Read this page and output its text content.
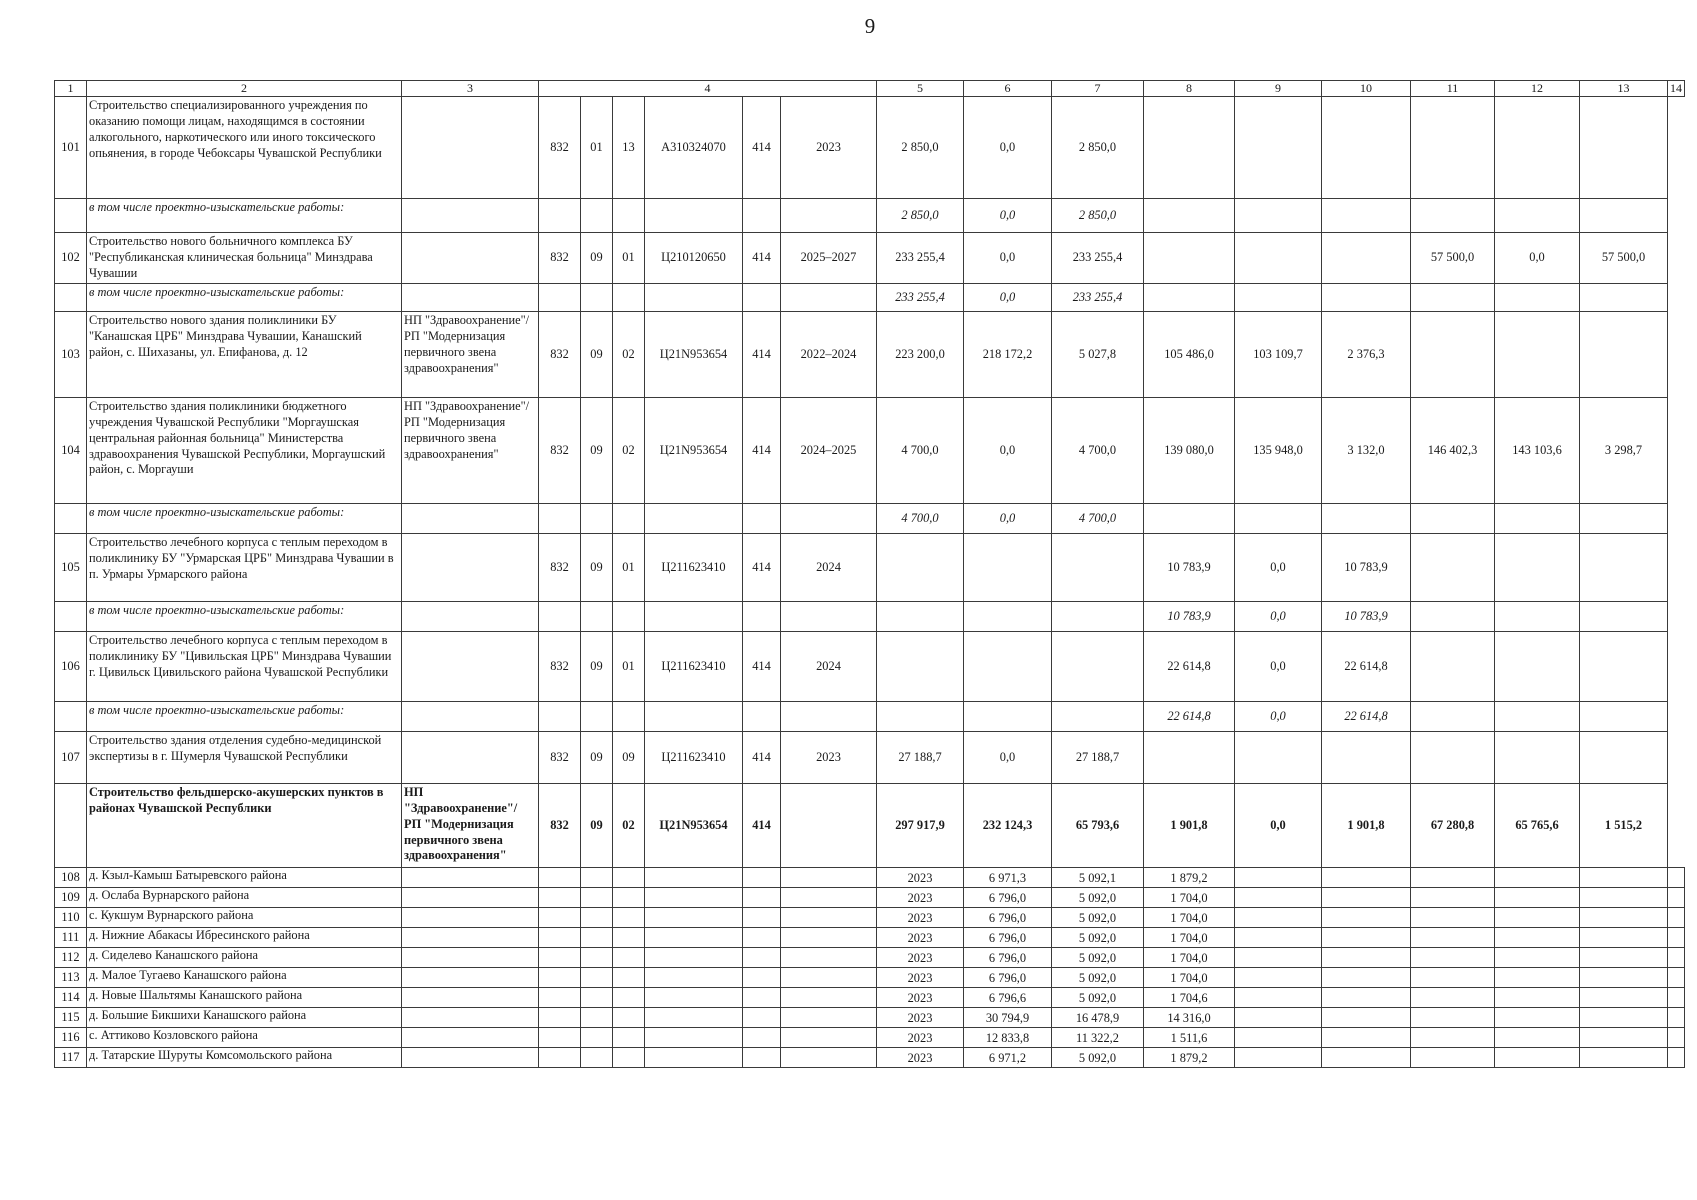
9
1	2	3	4						5	6	7	8	9	10	11	12	13	14
101	Строительство специализированного учреждения по оказанию помощи лицам, находящимся в состоянии алкогольного, наркотического или иного токсического опьянения, в городе Чебоксары Чувашской Республики		832	01	13	А310324070	414	2023	2 850,0	0,0	2 850,0							
	в том числе проектно-изыскательские работы:								2 850,0	0,0	2 850,0							
102	Строительство нового больничного комплекса БУ "Республиканская клиническая больница" Минздрава Чувашии		832	09	01	Ц210120650	414	2025–2027	233 255,4	0,0	233 255,4				57 500,0	0,0	57 500,0	
	в том числе проектно-изыскательские работы:								233 255,4	0,0	233 255,4							
103	Строительство нового здания поликлиники БУ "Канашская ЦРБ" Минздрава Чувашии, Канашский район, с. Шихазаны, ул. Епифанова, д. 12	НП "Здравоохранение"/ РП "Модернизация первичного звена здравоохранения"	832	09	02	Ц21N953654	414	2022–2024	223 200,0	218 172,2	5 027,8	105 486,0	103 109,7	2 376,3				
104	Строительство здания поликлиники бюджетного учреждения Чувашской Республики "Моргаушская центральная районная больница" Министерства здравоохранения Чувашской Республики, Моргаушский район, с. Моргауши	НП "Здравоохранение"/ РП "Модернизация первичного звена здравоохранения"	832	09	02	Ц21N953654	414	2024–2025	4 700,0	0,0	4 700,0	139 080,0	135 948,0	3 132,0	146 402,3	143 103,6	3 298,7	
	в том числе проектно-изыскательские работы:								4 700,0	0,0	4 700,0							
105	Строительство лечебного корпуса с теплым переходом в поликлинику БУ "Урмарская ЦРБ" Минздрава Чувашии в п. Урмары Урмарского района		832	09	01	Ц211623410	414	2024				10 783,9	0,0	10 783,9				
	в том числе проектно-изыскательские работы:											10 783,9	0,0	10 783,9				
106	Строительство лечебного корпуса с теплым переходом в поликлинику БУ "Цивильская ЦРБ" Минздрава Чувашии г. Цивильск Цивильского района Чувашской Республики		832	09	01	Ц211623410	414	2024				22 614,8	0,0	22 614,8				
	в том числе проектно-изыскательские работы:											22 614,8	0,0	22 614,8				
107	Строительство здания отделения судебно-медицинской экспертизы в г. Шумерля Чувашской Республики		832	09	09	Ц211623410	414	2023	27 188,7	0,0	27 188,7							
	Строительство фельдшерско-акушерских пунктов в районах Чувашской Республики	НП "Здравоохранение"/ РП "Модернизация первичного звена здравоохранения"	832	09	02	Ц21N953654	414		297 917,9	232 124,3	65 793,6	1 901,8	0,0	1 901,8	67 280,8	65 765,6	1 515,2	
108	д. Кзыл-Камыш Батыревского района								2023	6 971,3	5 092,1	1 879,2						
109	д. Ослаба Вурнарского района								2023	6 796,0	5 092,0	1 704,0						
110	с. Кукшум Вурнарского района								2023	6 796,0	5 092,0	1 704,0						
111	д. Нижние Абакасы Ибресинского района								2023	6 796,0	5 092,0	1 704,0						
112	д. Сиделево Канашского района								2023	6 796,0	5 092,0	1 704,0						
113	д. Малое Тугаево Канашского района								2023	6 796,0	5 092,0	1 704,0						
114	д. Новые Шальтямы Канашского района								2023	6 796,6	5 092,0	1 704,6						
115	д. Большие Бикшихи Канашского района								2023	30 794,9	16 478,9	14 316,0						
116	с. Аттиково Козловского района								2023	12 833,8	11 322,2	1 511,6						
117	д. Татарские Шуруты Комсомольского района								2023	6 971,2	5 092,0	1 879,2						
